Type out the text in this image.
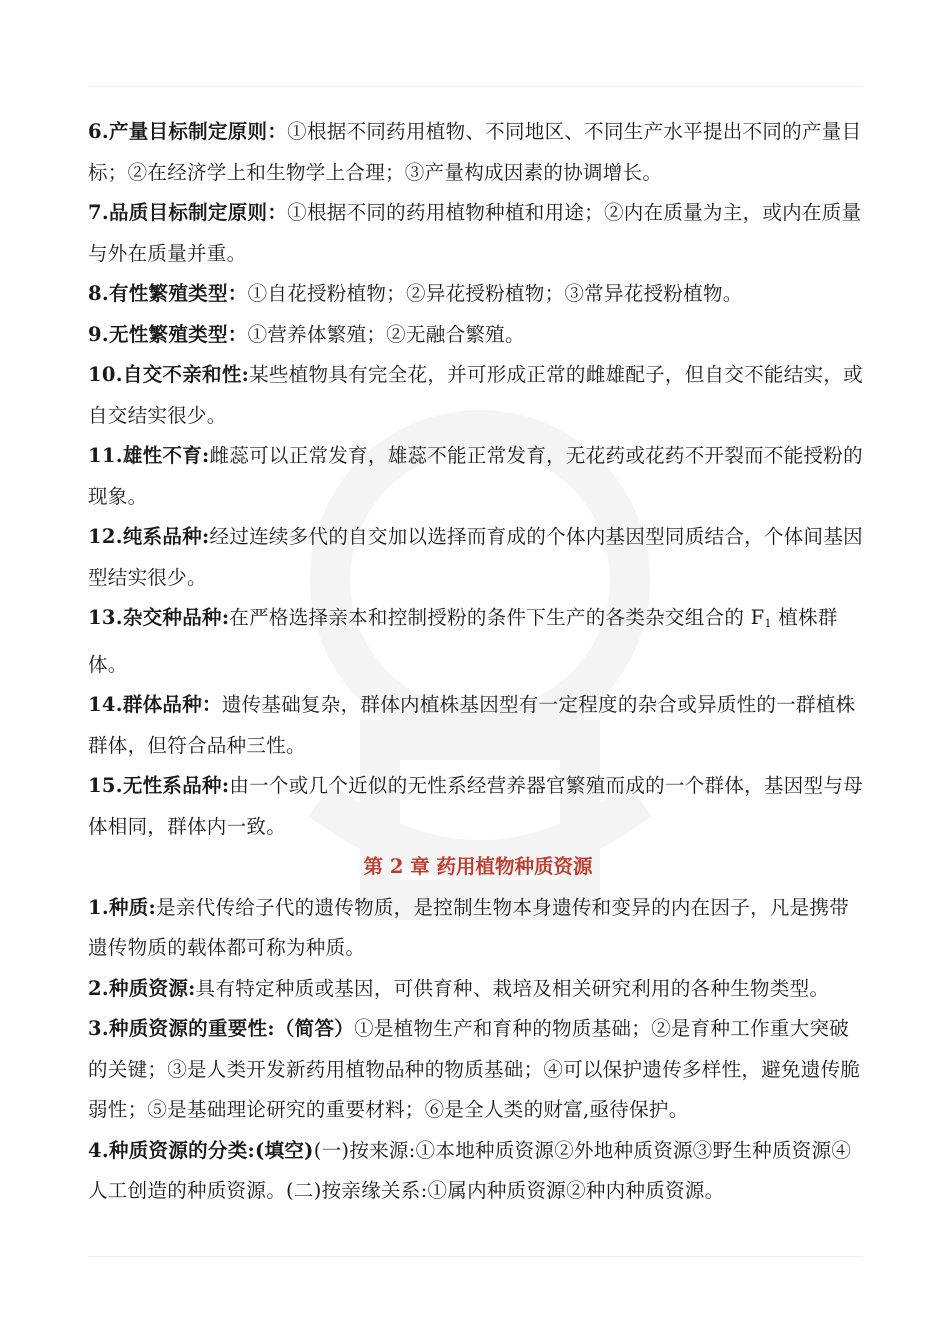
6.产量目标制定原则：①根据不同药用植物、不同地区、不同生产水平提出不同的产量目标；②在经济学上和生物学上合理；③产量构成因素的协调增长。

7.品质目标制定原则：①根据不同的药用植物种植和用途；②内在质量为主，或内在质量与外在质量并重。

8.有性繁殖类型：①自花授粉植物；②异花授粉植物；③常异花授粉植物。

9.无性繁殖类型：①营养体繁殖；②无融合繁殖。

10.自交不亲和性:某些植物具有完全花，并可形成正常的雌雄配子，但自交不能结实，或自交结实很少。

11.雄性不育:雌蕊可以正常发育，雄蕊不能正常发育，无花药或花药不开裂而不能授粉的现象。

12.纯系品种:经过连续多代的自交加以选择而育成的个体内基因型同质结合，个体间基因型结实很少。

13.杂交种品种:在严格选择亲本和控制授粉的条件下生产的各类杂交组合的 $F_1$ 植株群体。

14.群体品种：遗传基础复杂，群体内植株基因型有一定程度的杂合或异质性的一群植株群体，但符合品种三性。

15.无性系品种:由一个或几个近似的无性系经营养器官繁殖而成的一个群体，基因型与母体相同，群体内一致。

第 2 章 药用植物种质资源

1.种质:是亲代传给子代的遗传物质，是控制生物本身遗传和变异的内在因子，凡是携带遗传物质的载体都可称为种质。

2.种质资源:具有特定种质或基因，可供育种、栽培及相关研究利用的各种生物类型。

3.种质资源的重要性:（简答）①是植物生产和育种的物质基础；②是育种工作重大突破的关键；③是人类开发新药用植物品种的物质基础；④可以保护遗传多样性，避免遗传脆弱性；⑤是基础理论研究的重要材料；⑥是全人类的财富,亟待保护。

4.种质资源的分类:(填空)(一)按来源:①本地种质资源②外地种质资源③野生种质资源④人工创造的种质资源。(二)按亲缘关系:①属内种质资源②种内种质资源。
